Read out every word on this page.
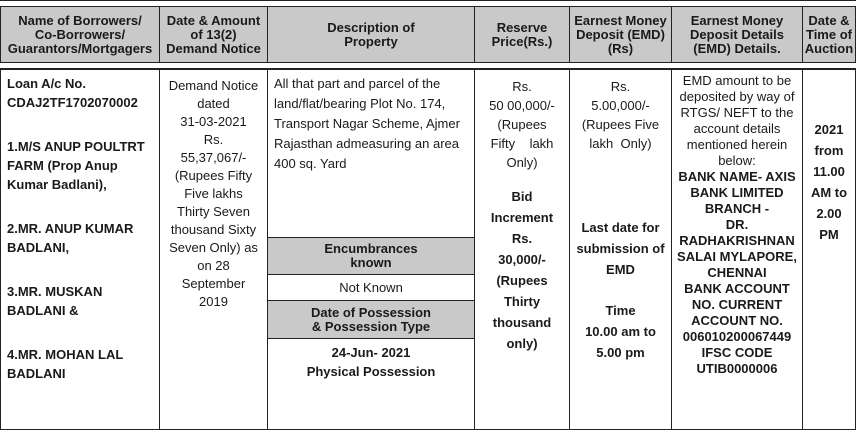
Name of Borrowers/
Co-Borrowers/
Guarantors/Mortgagers
Date & Amount
of 13(2)
Demand Notice
Description of
Property
Reserve
Price(Rs.)
Earnest Money
Deposit (EMD)
(Rs)
Earnest Money
Deposit Details
(EMD) Details.
Date &
Time of
Auction
Loan A/c No.
CDAJ2TF1702070002
1.M/S ANUP POULTRT
FARM (Prop Anup
Kumar Badlani),
2.MR. ANUP KUMAR
BADLANI,
3.MR. MUSKAN
BADLANI &
4.MR. MOHAN LAL
BADLANI
Demand Notice
dated
31-03-2021
Rs.
55,37,067/-
(Rupees Fifty
Five lakhs
Thirty Seven
thousand Sixty
Seven Only) as
on 28
September
2019
All that part and parcel of the
land/flat/bearing Plot No. 174,
Transport Nagar Scheme, Ajmer
Rajasthan admeasuring an area
400 sq. Yard
Encumbrances
known
Not Known
Date of Possession
& Possession Type
24-Jun- 2021
Physical Possession
Rs.
50 00,000/-
(Rupees
Fifty    lakh
Only)
Bid
Increment
Rs.
30,000/-
(Rupees
Thirty
thousand
only)
Rs.
5.00,000/-
(Rupees Five
lakh  Only)
Last date for
submission of
EMD
Time
10.00 am to
5.00 pm
EMD amount to be
deposited by way of
RTGS/ NEFT to the
account details
mentioned herein
below:
BANK NAME- AXIS
BANK LIMITED
BRANCH -
DR.
RADHAKRISHNAN
SALAI MYLAPORE,
CHENNAI
BANK ACCOUNT
NO. CURRENT
ACCOUNT NO.
006010200067449
IFSC CODE
UTIB0000006
2021
from
11.00
AM to
2.00
PM
